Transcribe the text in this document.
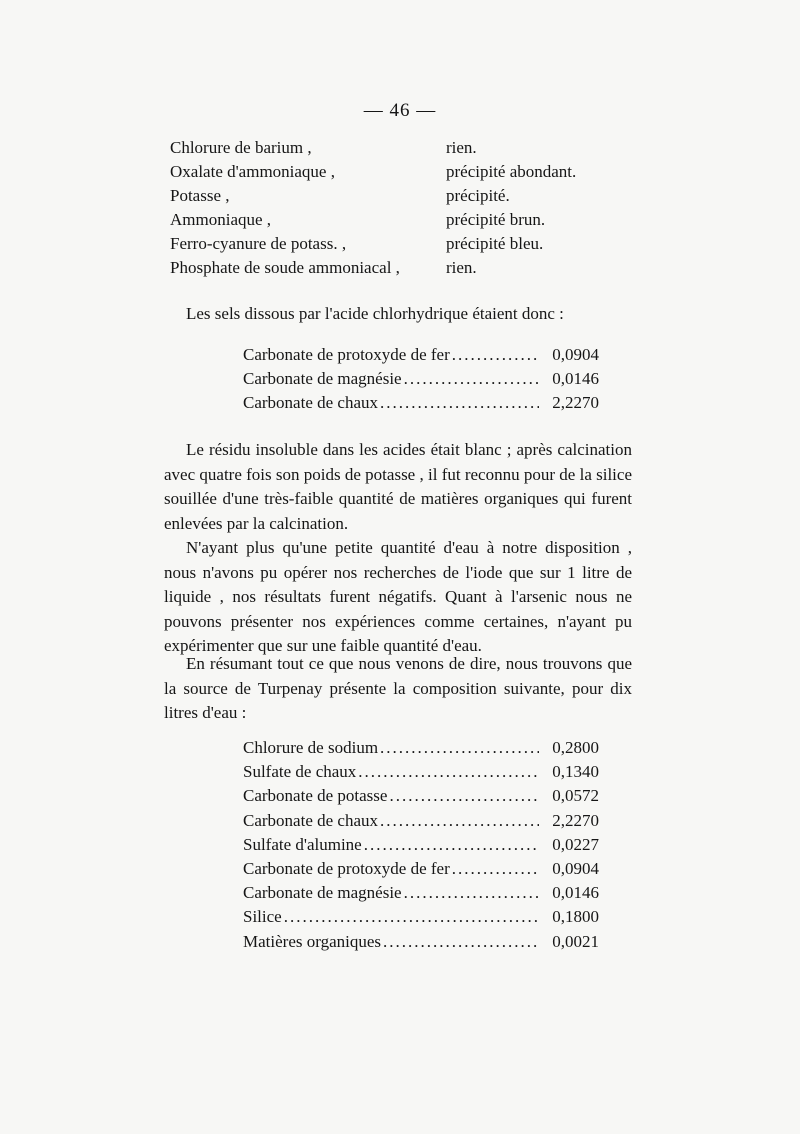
— 46 —
Chlorure de barium ,	rien.
Oxalate d'ammoniaque ,	précipité abondant.
Potasse ,	précipité.
Ammoniaque ,	précipité brun.
Ferro-cyanure de potass. ,	précipité bleu.
Phosphate de soude ammoniacal ,	rien.

Les sels dissous par l'acide chlorhydrique étaient donc :

Carbonate de protoxyde de fer .....	0,0904
Carbonate de magnésie .....	0,0146
Carbonate de chaux .....	2,2270

Le résidu insoluble dans les acides était blanc ; après calcination avec quatre fois son poids de potasse , il fut reconnu pour de la silice souillée d'une très-faible quantité de matières organiques qui furent enlevées par la calcination.

N'ayant plus qu'une petite quantité d'eau à notre disposition , nous n'avons pu opérer nos recherches de l'iode que sur 1 litre de liquide , nos résultats furent négatifs. Quant à l'arsenic nous ne pouvons présenter nos expériences comme certaines, n'ayant pu expérimenter que sur une faible quantité d'eau.

En résumant tout ce que nous venons de dire, nous trouvons que la source de Turpenay présente la composition suivante, pour dix litres d'eau :

Chlorure de sodium .....	0,2800
Sulfate de chaux .....	0,1340
Carbonate de potasse .....	0,0572
Carbonate de chaux .....	2,2270
Sulfate d'alumine .....	0,0227
Carbonate de protoxyde de fer .....	0,0904
Carbonate de magnésie .....	0,0146
Silice .....	0,1800
Matières organiques .....	0,0021
